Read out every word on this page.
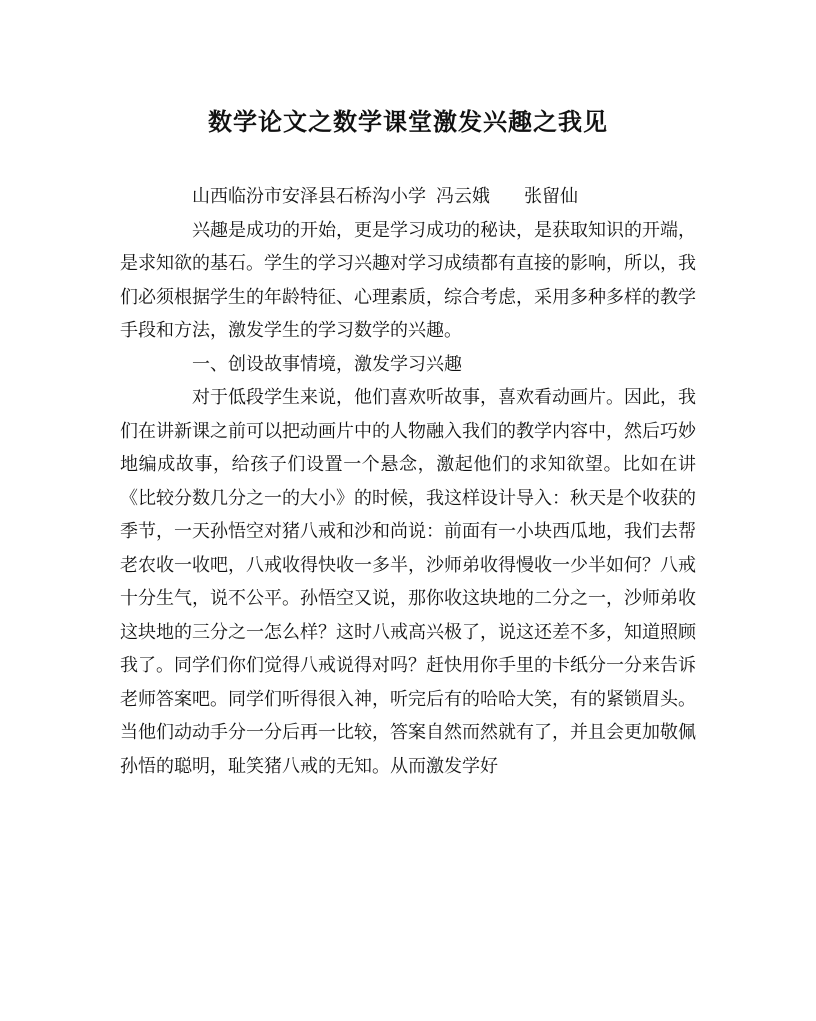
数学论文之数学课堂激发兴趣之我见

山西临汾市安泽县石桥沟小学 冯云娥 张留仙

兴趣是成功的开始，更是学习成功的秘诀，是获取知识的开端，是求知欲的基石。学生的学习兴趣对学习成绩都有直接的影响，所以，我们必须根据学生的年龄特征、心理素质，综合考虑，采用多种多样的教学手段和方法，激发学生的学习数学的兴趣。

一、创设故事情境，激发学习兴趣

对于低段学生来说，他们喜欢听故事，喜欢看动画片。因此，我们在讲新课之前可以把动画片中的人物融入我们的教学内容中，然后巧妙地编成故事，给孩子们设置一个悬念，激起他们的求知欲望。比如在讲《比较分数几分之一的大小》的时候，我这样设计导入：秋天是个收获的季节，一天孙悟空对猪八戒和沙和尚说：前面有一小块西瓜地，我们去帮老农收一收吧，八戒收得快收一多半，沙师弟收得慢收一少半如何？八戒十分生气，说不公平。孙悟空又说，那你收这块地的二分之一，沙师弟收这块地的三分之一怎么样？这时八戒高兴极了，说这还差不多，知道照顾我了。同学们你们觉得八戒说得对吗？赶快用你手里的卡纸分一分来告诉老师答案吧。同学们听得很入神，听完后有的哈哈大笑，有的紧锁眉头。当他们动动手分一分后再一比较，答案自然而然就有了，并且会更加敬佩孙悟的聪明，耻笑猪八戒的无知。从而激发学好
